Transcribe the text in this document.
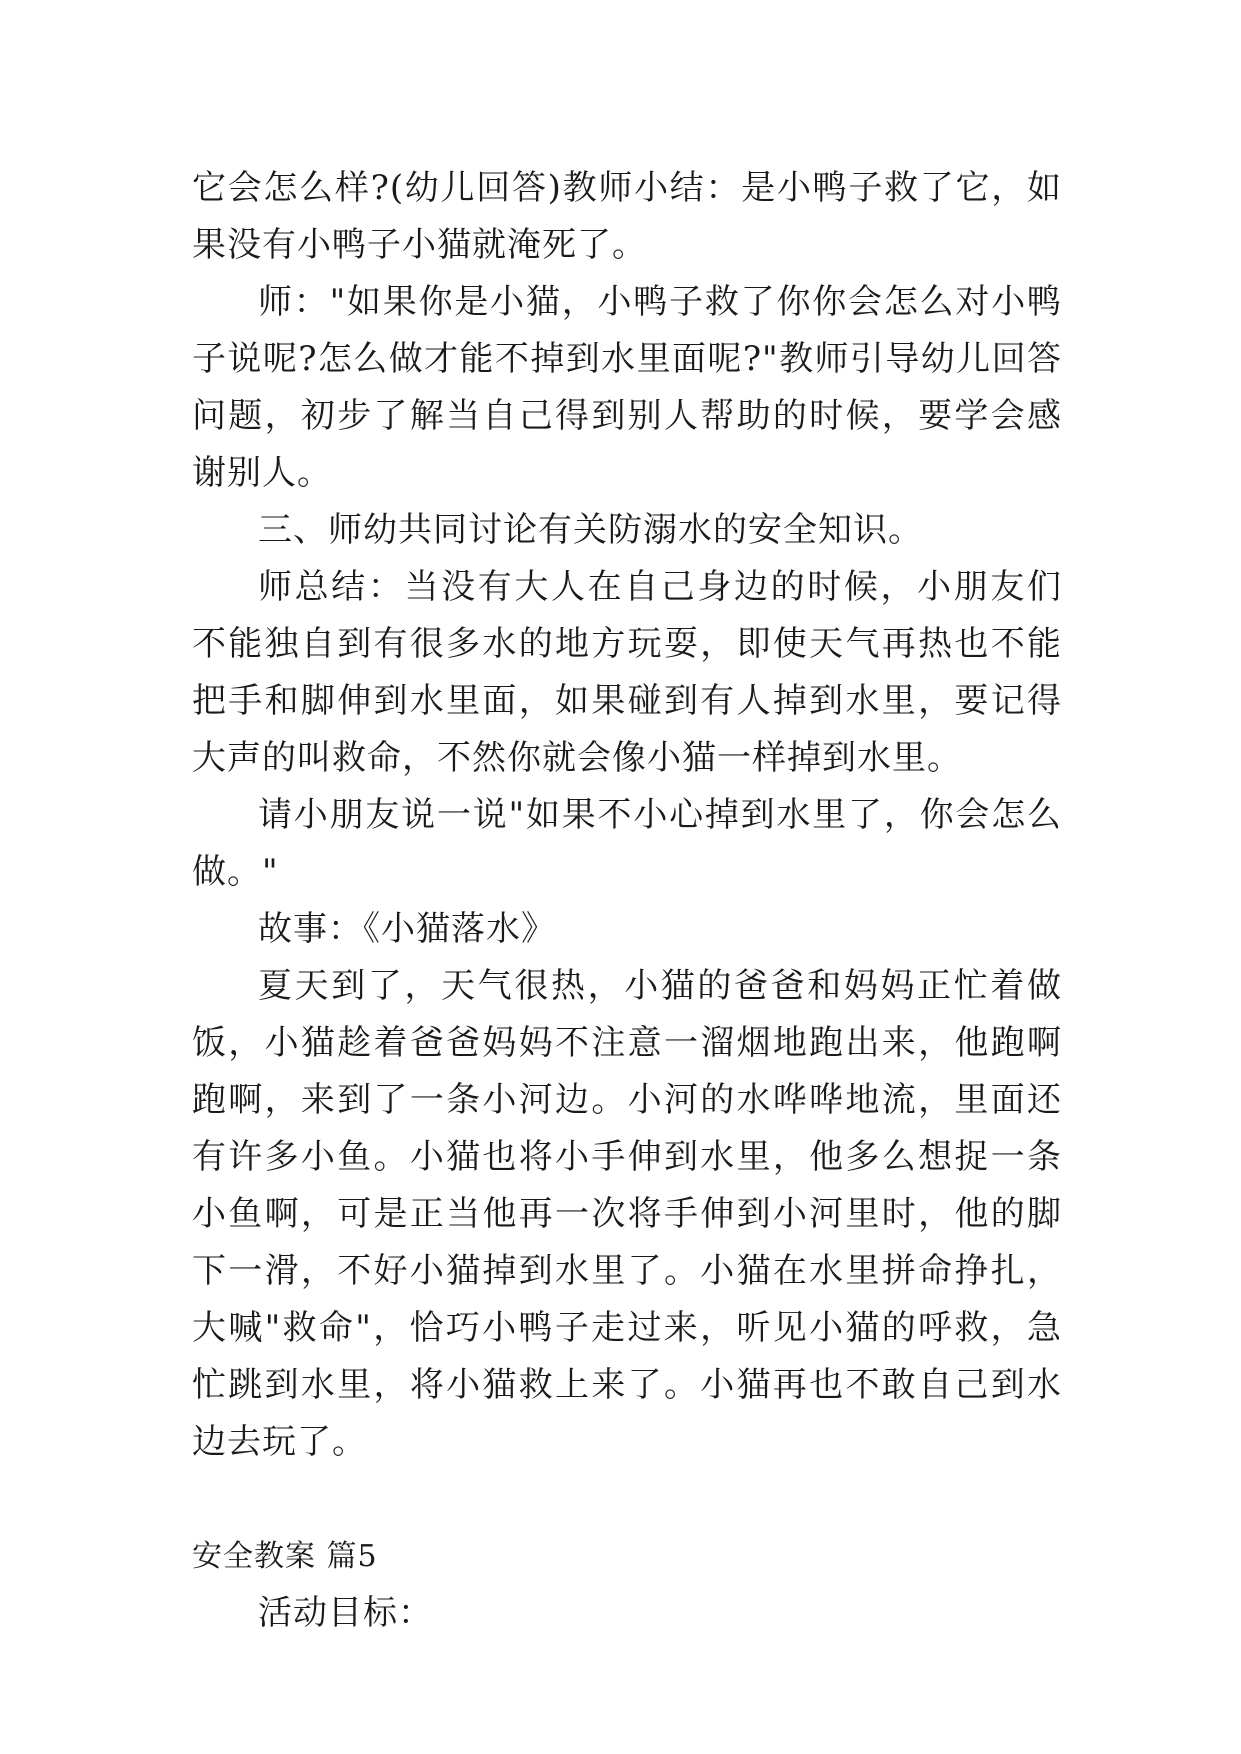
它会怎么样?(幼儿回答)教师小结：是小鸭子救了它，如果没有小鸭子小猫就淹死了。

师："如果你是小猫，小鸭子救了你你会怎么对小鸭子说呢?怎么做才能不掉到水里面呢?"教师引导幼儿回答问题，初步了解当自己得到别人帮助的时候，要学会感谢别人。

三、师幼共同讨论有关防溺水的安全知识。

师总结：当没有大人在自己身边的时候，小朋友们不能独自到有很多水的地方玩耍，即使天气再热也不能把手和脚伸到水里面，如果碰到有人掉到水里，要记得大声的叫救命，不然你就会像小猫一样掉到水里。

请小朋友说一说"如果不小心掉到水里了，你会怎么做。"

故事：《小猫落水》

夏天到了，天气很热，小猫的爸爸和妈妈正忙着做饭，小猫趁着爸爸妈妈不注意一溜烟地跑出来，他跑啊跑啊，来到了一条小河边。小河的水哗哗地流，里面还有许多小鱼。小猫也将小手伸到水里，他多么想捉一条小鱼啊，可是正当他再一次将手伸到小河里时，他的脚下一滑，不好小猫掉到水里了。小猫在水里拼命挣扎，大喊"救命"，恰巧小鸭子走过来，听见小猫的呼救，急忙跳到水里，将小猫救上来了。小猫再也不敢自己到水边去玩了。

安全教案 篇5

活动目标：
